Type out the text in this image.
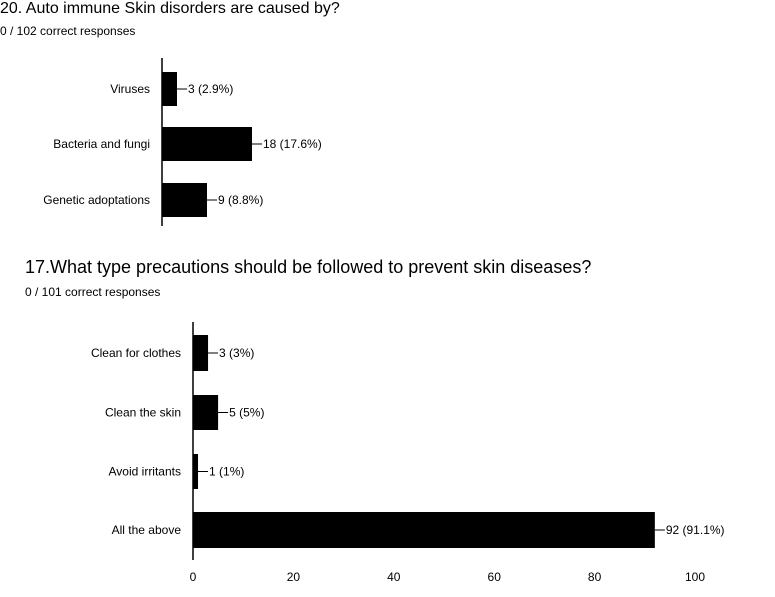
20. Auto immune Skin disorders are caused by?
0 / 102 correct responses
17.What type precautions should be followed to prevent skin diseases?
0 / 101 correct responses
Viruses	3 (2.9%)
Bacteria and fungi	18 (17.6%)
Genetic adoptations	9 (8.8%)
Clean for clothes	3 (3%)
Clean the skin	5 (5%)
Avoid irritants 1 (1%)
All the above	92 (91.1%)
0	20	40	60	80	100
